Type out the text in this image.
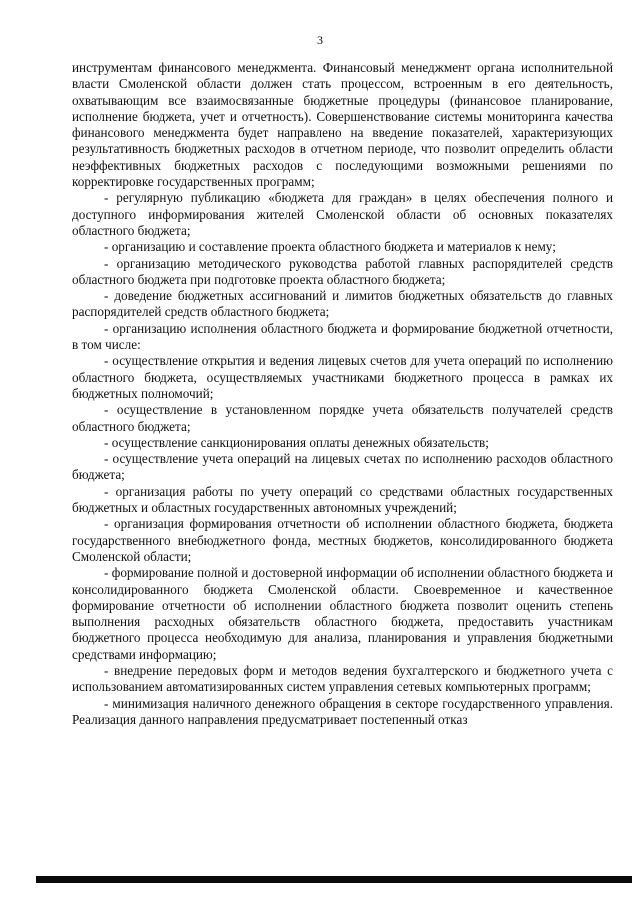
3

инструментам финансового менеджмента. Финансовый менеджмент органа исполнительной власти Смоленской области должен стать процессом, встроенным в его деятельность, охватывающим все взаимосвязанные бюджетные процедуры (финансовое планирование, исполнение бюджета, учет и отчетность). Совершенствование системы мониторинга качества финансового менеджмента будет направлено на введение показателей, характеризующих результативность бюджетных расходов в отчетном периоде, что позволит определить области неэффективных бюджетных расходов с последующими возможными решениями по корректировке государственных программ;

- регулярную публикацию «бюджета для граждан» в целях обеспечения полного и доступного информирования жителей Смоленской области об основных показателях областного бюджета;

- организацию и составление проекта областного бюджета и материалов к нему;

- организацию методического руководства работой главных распорядителей средств областного бюджета при подготовке проекта областного бюджета;

- доведение бюджетных ассигнований и лимитов бюджетных обязательств до главных распорядителей средств областного бюджета;

- организацию исполнения областного бюджета и формирование бюджетной отчетности, в том числе:

- осуществление открытия и ведения лицевых счетов для учета операций по исполнению областного бюджета, осуществляемых участниками бюджетного процесса в рамках их бюджетных полномочий;

- осуществление в установленном порядке учета обязательств получателей средств областного бюджета;

- осуществление санкционирования оплаты денежных обязательств;

- осуществление учета операций на лицевых счетах по исполнению расходов областного бюджета;

- организация работы по учету операций со средствами областных государственных бюджетных и областных государственных автономных учреждений;

- организация формирования отчетности об исполнении областного бюджета, бюджета государственного внебюджетного фонда, местных бюджетов, консолидированного бюджета Смоленской области;

- формирование полной и достоверной информации об исполнении областного бюджета и консолидированного бюджета Смоленской области. Своевременное и качественное формирование отчетности об исполнении областного бюджета позволит оценить степень выполнения расходных обязательств областного бюджета, предоставить участникам бюджетного процесса необходимую для анализа, планирования и управления бюджетными средствами информацию;

- внедрение передовых форм и методов ведения бухгалтерского и бюджетного учета с использованием автоматизированных систем управления сетевых компьютерных программ;

- минимизация наличного денежного обращения в секторе государственного управления. Реализация данного направления предусматривает постепенный отказ
